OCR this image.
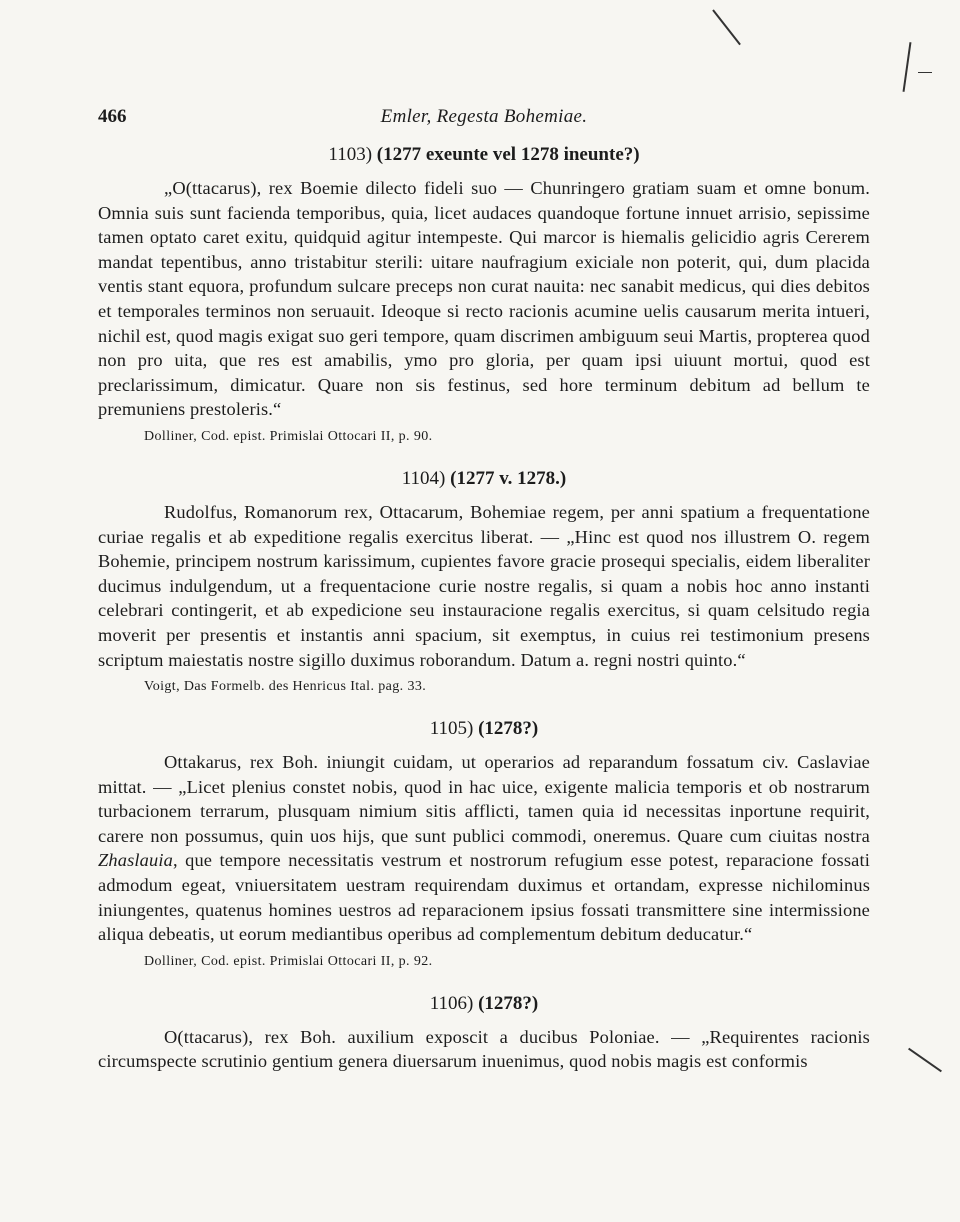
466	Emler, Regesta Bohemiae.
1103) (1277 exeunte vel 1278 ineunte?)

„O(ttacarus), rex Boemie dilecto fideli suo — Chunringero gratiam suam et omne bonum. Omnia suis sunt facienda temporibus, quia, licet audaces quandoque fortune innuet arrisio, sepissime tamen optato caret exitu, quidquid agitur intempeste. Qui marcor is hiemalis gelicidio agris Cererem mandat tepentibus, anno tristabitur sterili: uitare naufragium exiciale non poterit, qui, dum placida ventis stant equora, profundum sulcare preceps non curat nauita: nec sanabit medicus, qui dies debitos et temporales terminos non seruauit. Ideoque si recto racionis acumine uelis causarum merita intueri, nichil est, quod magis exigat suo geri tempore, quam discrimen ambiguum seui Martis, propterea quod non pro uita, que res est amabilis, ymo pro gloria, per quam ipsi uiuunt mortui, quod est preclarissimum, dimicatur. Quare non sis festinus, sed hore terminum debitum ad bellum te premuniens prestoleris.“

Dolliner, Cod. epist. Primislai Ottocari II, p. 90.
1104) (1277 v. 1278.)

Rudolfus, Romanorum rex, Ottacarum, Bohemiae regem, per anni spatium a frequentatione curiae regalis et ab expeditione regalis exercitus liberat. — „Hinc est quod nos illustrem O. regem Bohemie, principem nostrum karissimum, cupientes favore gracie prosequi specialis, eidem liberaliter ducimus indulgendum, ut a frequentacione curie nostre regalis, si quam a nobis hoc anno instanti celebrari contingerit, et ab expedicione seu instauracione regalis exercitus, si quam celsitudo regia moverit per presentis et instantis anni spacium, sit exemptus, in cuius rei testimonium presens scriptum maiestatis nostre sigillo duximus roborandum. Datum a. regni nostri quinto.“

Voigt, Das Formelb. des Henricus Ital. pag. 33.
1105) (1278?)

Ottakarus, rex Boh. iniungit cuidam, ut operarios ad reparandum fossatum civ. Caslaviae mittat. — „Licet plenius constet nobis, quod in hac uice, exigente malicia temporis et ob nostrarum turbacionem terrarum, plusquam nimium sitis afflicti, tamen quia id necessitas inportune requirit, carere non possumus, quin uos hijs, que sunt publici commodi, oneremus. Quare cum ciuitas nostra Zhaslauia, que tempore necessitatis vestrum et nostrorum refugium esse potest, reparacione fossati admodum egeat, vniuersitatem uestram requirendam duximus et ortandam, expresse nichilominus iniungentes, quatenus homines uestros ad reparacionem ipsius fossati transmittere sine intermissione aliqua debeatis, ut eorum mediantibus operibus ad complementum debitum deducatur.“

Dolliner, Cod. epist. Primislai Ottocari II, p. 92.
1106) (1278?)

O(ttacarus), rex Boh. auxilium exposcit a ducibus Poloniae. — „Requirentes racionis circumspecte scrutinio gentium genera diuersarum inuenimus, quod nobis magis est conformis
